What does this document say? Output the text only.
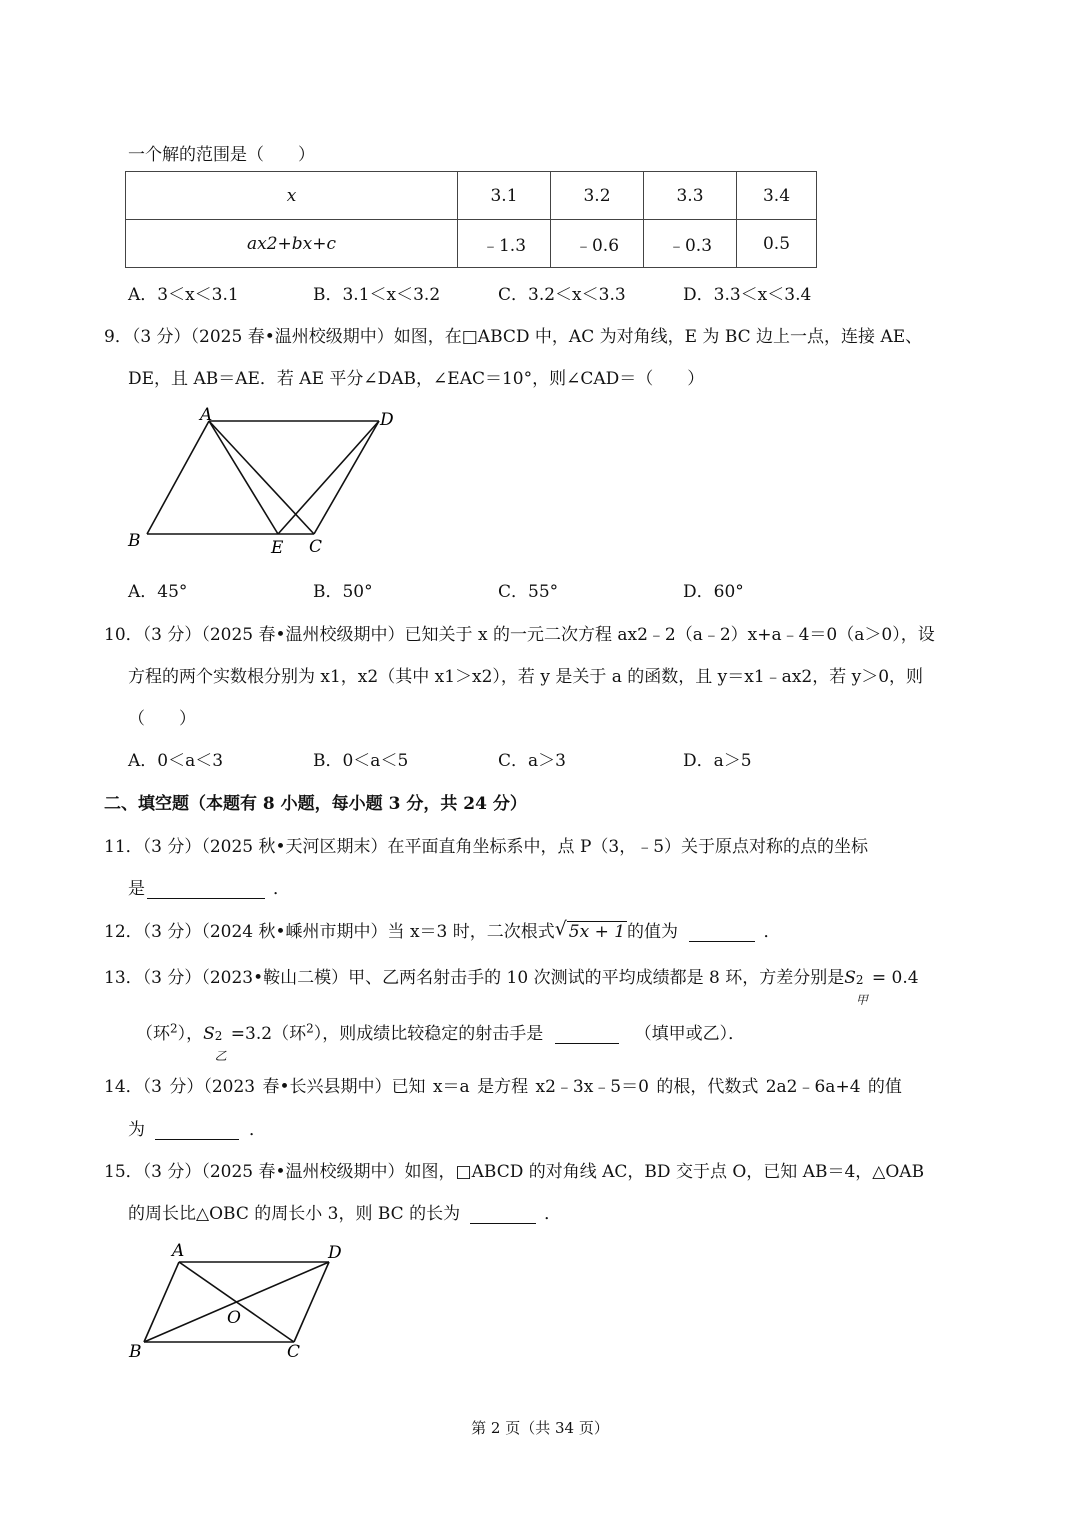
一个解的范围是（　　）
x	3.1	3.2	3.3	3.4
ax2+bx+c	﹣1.3	﹣0.6	﹣0.3	0.5
A．3＜x＜3.1	B．3.1＜x＜3.2	C．3.2＜x＜3.3	D．3.3＜x＜3.4
9．（3 分）（2025 春•温州校级期中）如图，在□ABCD 中，AC 为对角线，E 为 BC 边上一点，连接 AE、
DE，且 AB＝AE．若 AE 平分∠DAB，∠EAC＝10°，则∠CAD＝（　　）
A	D
B	E C
A．45°	B．50°	C．55°	D．60°
10．（3 分）（2025 春•温州校级期中）已知关于 x 的一元二次方程 ax2﹣2（a﹣2）x+a﹣4＝0（a＞0），设
方程的两个实数根分别为 x1，x2（其中 x1＞x2），若 y 是关于 a 的函数，且 y＝x1﹣ax2，若 y＞0，则
（　　）
A．0＜a＜3	B．0＜a＜5	C．a＞3	D．a＞5
二、填空题（本题有 8 小题，每小题 3 分，共 24 分）
11．（3 分）（2025 秋•天河区期末）在平面直角坐标系中，点 P（3，﹣5）关于原点对称的点的坐标
是	．
12．（3 分）（2024 秋•嵊州市期中）当 x＝3 时，二次根式 √ 5x + 1 的值为	．
13．（3 分）（2023•鞍山二模）甲、乙两名射击手的 10 次测试的平均成绩都是 8 环，方差分别是S 2
甲
= 0.4
（环$^2$），S 2
乙
=3.2（环$^2$），则成绩比较稳定的射击手是	（填甲或乙）．
14．（3 分）（2023 春•长兴县期中）已知 x＝a 是方程 x2﹣3x﹣5＝0 的根，代数式 2a2﹣6a+4 的值
为	．
15．（3 分）（2025 春•温州校级期中）如图，□ABCD 的对角线 AC，BD 交于点 O，已知 AB＝4，△OAB
的周长比△OBC 的周长小 3，则 BC 的长为	．
A	D
O
B	C
第 2 页（共 34 页）
